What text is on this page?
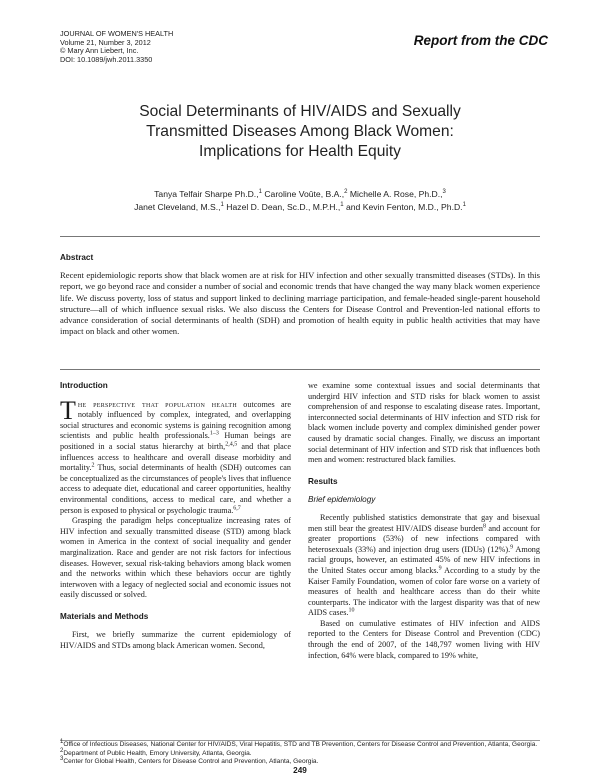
JOURNAL OF WOMEN'S HEALTH
Volume 21, Number 3, 2012
© Mary Ann Liebert, Inc.
DOI: 10.1089/jwh.2011.3350
Report from the CDC
Social Determinants of HIV/AIDS and Sexually
Transmitted Diseases Among Black Women:
Implications for Health Equity
Tanya Telfair Sharpe Ph.D.,$^1$ Caroline Voûte, B.A.,$^2$ Michelle A. Rose, Ph.D.,$^3$
Janet Cleveland, M.S.,$^1$ Hazel D. Dean, Sc.D., M.P.H.,$^1$ and Kevin Fenton, M.D., Ph.D.$^1$
Abstract
Recent epidemiologic reports show that black women are at risk for HIV infection and other sexually transmitted diseases (STDs). In this report, we go beyond race and consider a number of social and economic trends that have changed the way many black women experience life. We discuss poverty, loss of status and support linked to declining marriage participation, and female-headed single-parent household structure—all of which influence sexual risks. We also discuss the Centers for Disease Control and Prevention-led national efforts to advance consideration of social determinants of health (SDH) and promotion of health equity in public health activities that may have impact on black and other women.
Introduction

The perspective that population health outcomes are notably influenced by complex, integrated, and overlapping social structures and economic systems is gaining recognition among scientists and public health professionals.$^{1-3}$ Human beings are positioned in a social status hierarchy at birth,$^{2,4,5}$ and that place influences access to healthcare and overall disease morbidity and mortality.$^2$ Thus, social determinants of health (SDH) outcomes can be conceptualized as the circumstances of people's lives that influence access to adequate diet, educational and career opportunities, healthy environmental conditions, access to medical care, and whether a person is exposed to physical or psychologic trauma.$^{6,7}$

Grasping the paradigm helps conceptualize increasing rates of HIV infection and sexually transmitted disease (STD) among black women in America in the context of social inequality and gender marginalization. Race and gender are not risk factors for infectious diseases. However, sexual risk-taking behaviors among black women and the networks within which these behaviors occur are tightly interwoven with a legacy of neglected social and economic issues not easily discussed or solved.

Materials and Methods

First, we briefly summarize the current epidemiology of HIV/AIDS and STDs among black American women. Second,

we examine some contextual issues and social determinants that undergird HIV infection and STD risks for black women to assist comprehension of and response to escalating disease rates. Important, interconnected social determinants of HIV infection and STD risk for black women include poverty and complex diminished gender power caused by dramatic social changes. Finally, we discuss an important social determinant of HIV infection and STD risk that influences both men and women: restructured black families.

Results
Brief epidemiology

Recently published statistics demonstrate that gay and bisexual men still bear the greatest HIV/AIDS disease burden$^8$ and account for greater proportions (53%) of new infections compared with heterosexuals (33%) and injection drug users (IDUs) (12%).$^9$ Among racial groups, however, an estimated 45% of new HIV infections in the United States occur among blacks.$^9$ According to a study by the Kaiser Family Foundation, women of color fare worse on a variety of measures of health and healthcare access than do their white counterparts. The indicator with the largest disparity was that of new AIDS cases.$^{10}$

Based on cumulative estimates of HIV infection and AIDS reported to the Centers for Disease Control and Prevention (CDC) through the end of 2007, of the 148,797 women living with HIV infection, 64% were black, compared to 19% white,

1Office of Infectious Diseases, National Center for HIV/AIDS, Viral Hepatitis, STD and TB Prevention, Centers for Disease Control and Prevention, Atlanta, Georgia.
2Department of Public Health, Emory University, Atlanta, Georgia.
3Center for Global Health, Centers for Disease Control and Prevention, Atlanta, Georgia.
249
